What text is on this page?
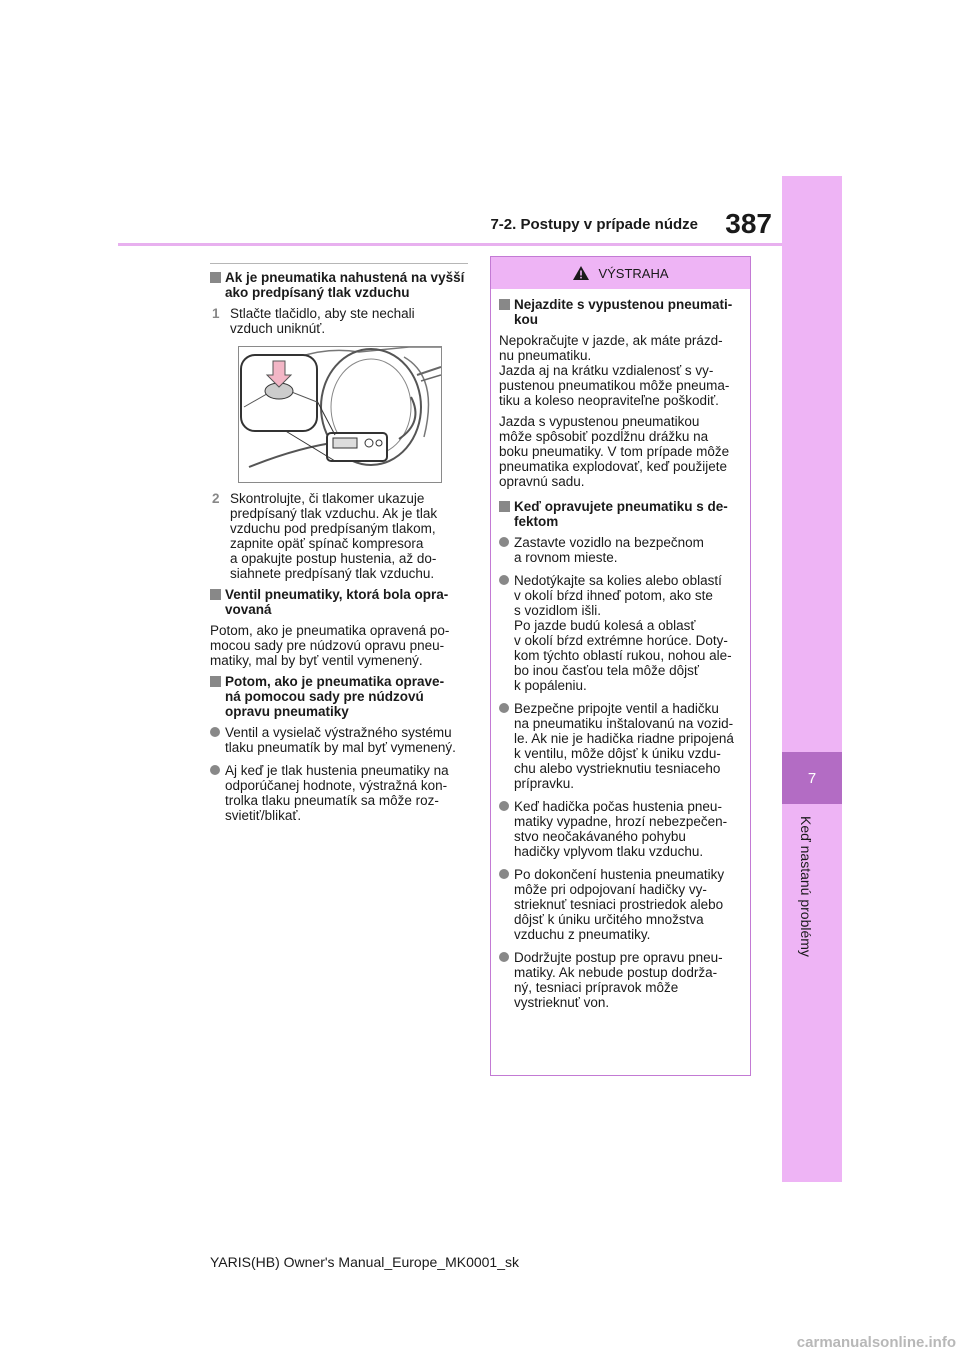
7-2. Postupy v prípade núdze 387
7
Keď nastanú problémy
Ak je pneumatika nahustená na vyšší ako predpísaný tlak vzduchu
1 Stlačte tlačidlo, aby ste nechali
vzduch uniknúť.
2 Skontrolujte, či tlakomer ukazuje
predpísaný tlak vzduchu. Ak je tlak
vzduchu pod predpísaným tlakom,
zapnite opäť spínač kompresora
a opakujte postup hustenia, až do-
siahnete predpísaný tlak vzduchu.
Ventil pneumatiky, ktorá bola opra-
vovaná
Potom, ako je pneumatika opravená po-
mocou sady pre núdzovú opravu pneu-
matiky, mal by byť ventil vymenený.
Potom, ako je pneumatika oprave-
ná pomocou sady pre núdzovú
opravu pneumatiky
Ventil a vysielač výstražného systému
tlaku pneumatík by mal byť vymenený.
Aj keď je tlak hustenia pneumatiky na
odporúčanej hodnote, výstražná kon-
trolka tlaku pneumatík sa môže roz-
svietiť/blikať.
VÝSTRAHA
Nejazdite s vypustenou pneumati-
kou
Nepokračujte v jazde, ak máte prázd-
nu pneumatiku.
Jazda aj na krátku vzdialenosť s vy-
pustenou pneumatikou môže pneuma-
tiku a koleso neopraviteľne poškodiť.
Jazda s vypustenou pneumatikou
môže spôsobiť pozdĺžnu drážku na
boku pneumatiky. V tom prípade môže
pneumatika explodovať, keď použijete
opravnú sadu.
Keď opravujete pneumatiku s de-
fektom
Zastavte vozidlo na bezpečnom
a rovnom mieste.
Nedotýkajte sa kolies alebo oblastí
v okolí bŕzd ihneď potom, ako ste
s vozidlom išli.
Po jazde budú kolesá a oblasť
v okolí bŕzd extrémne horúce. Doty-
kom týchto oblastí rukou, nohou ale-
bo inou časťou tela môže dôjsť
k popáleniu.
Bezpečne pripojte ventil a hadičku
na pneumatiku inštalovanú na vozid-
le. Ak nie je hadička riadne pripojená
k ventilu, môže dôjsť k úniku vzdu-
chu alebo vystrieknutiu tesniaceho
prípravku.
Keď hadička počas hustenia pneu-
matiky vypadne, hrozí nebezpečen-
stvo neočakávaného pohybu
hadičky vplyvom tlaku vzduchu.
Po dokončení hustenia pneumatiky
môže pri odpojovaní hadičky vy-
strieknuť tesniaci prostriedok alebo
dôjsť k úniku určitého množstva
vzduchu z pneumatiky.
Dodržujte postup pre opravu pneu-
matiky. Ak nebude postup dodrža-
ný, tesniaci prípravok môže
vystrieknuť von.
YARIS(HB) Owner's Manual_Europe_MK0001_sk
carmanualsonline.info
